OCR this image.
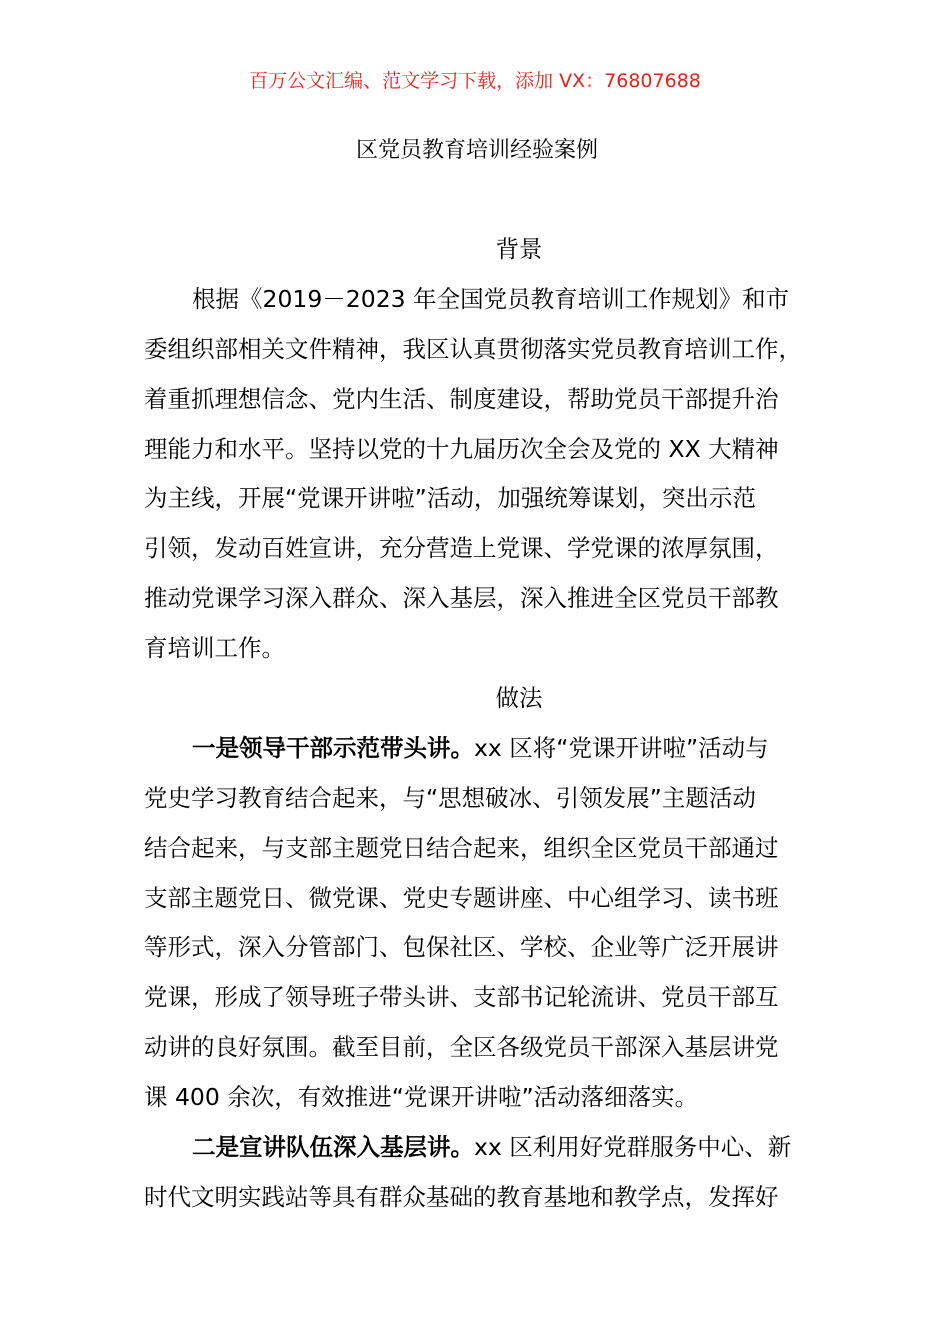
百万公文汇编、范文学习下载，添加 VX：76807688
区党员教育培训经验案例
背景
根据《2019－2023 年全国党员教育培训工作规划》和市
委组织部相关文件精神，我区认真贯彻落实党员教育培训工作，
着重抓理想信念、党内生活、制度建设，帮助党员干部提升治
理能力和水平。坚持以党的十九届历次全会及党的 XX 大精神
为主线，开展“党课开讲啦”活动，加强统筹谋划，突出示范
引领，发动百姓宣讲，充分营造上党课、学党课的浓厚氛围，
推动党课学习深入群众、深入基层，深入推进全区党员干部教
育培训工作。
做法
一是领导干部示范带头讲。xx 区将“党课开讲啦”活动与
党史学习教育结合起来，与“思想破冰、引领发展”主题活动
结合起来，与支部主题党日结合起来，组织全区党员干部通过
支部主题党日、微党课、党史专题讲座、中心组学习、读书班
等形式，深入分管部门、包保社区、学校、企业等广泛开展讲
党课，形成了领导班子带头讲、支部书记轮流讲、党员干部互
动讲的良好氛围。截至目前，全区各级党员干部深入基层讲党
课 400 余次，有效推进“党课开讲啦”活动落细落实。
二是宣讲队伍深入基层讲。xx 区利用好党群服务中心、新
时代文明实践站等具有群众基础的教育基地和教学点，发挥好
